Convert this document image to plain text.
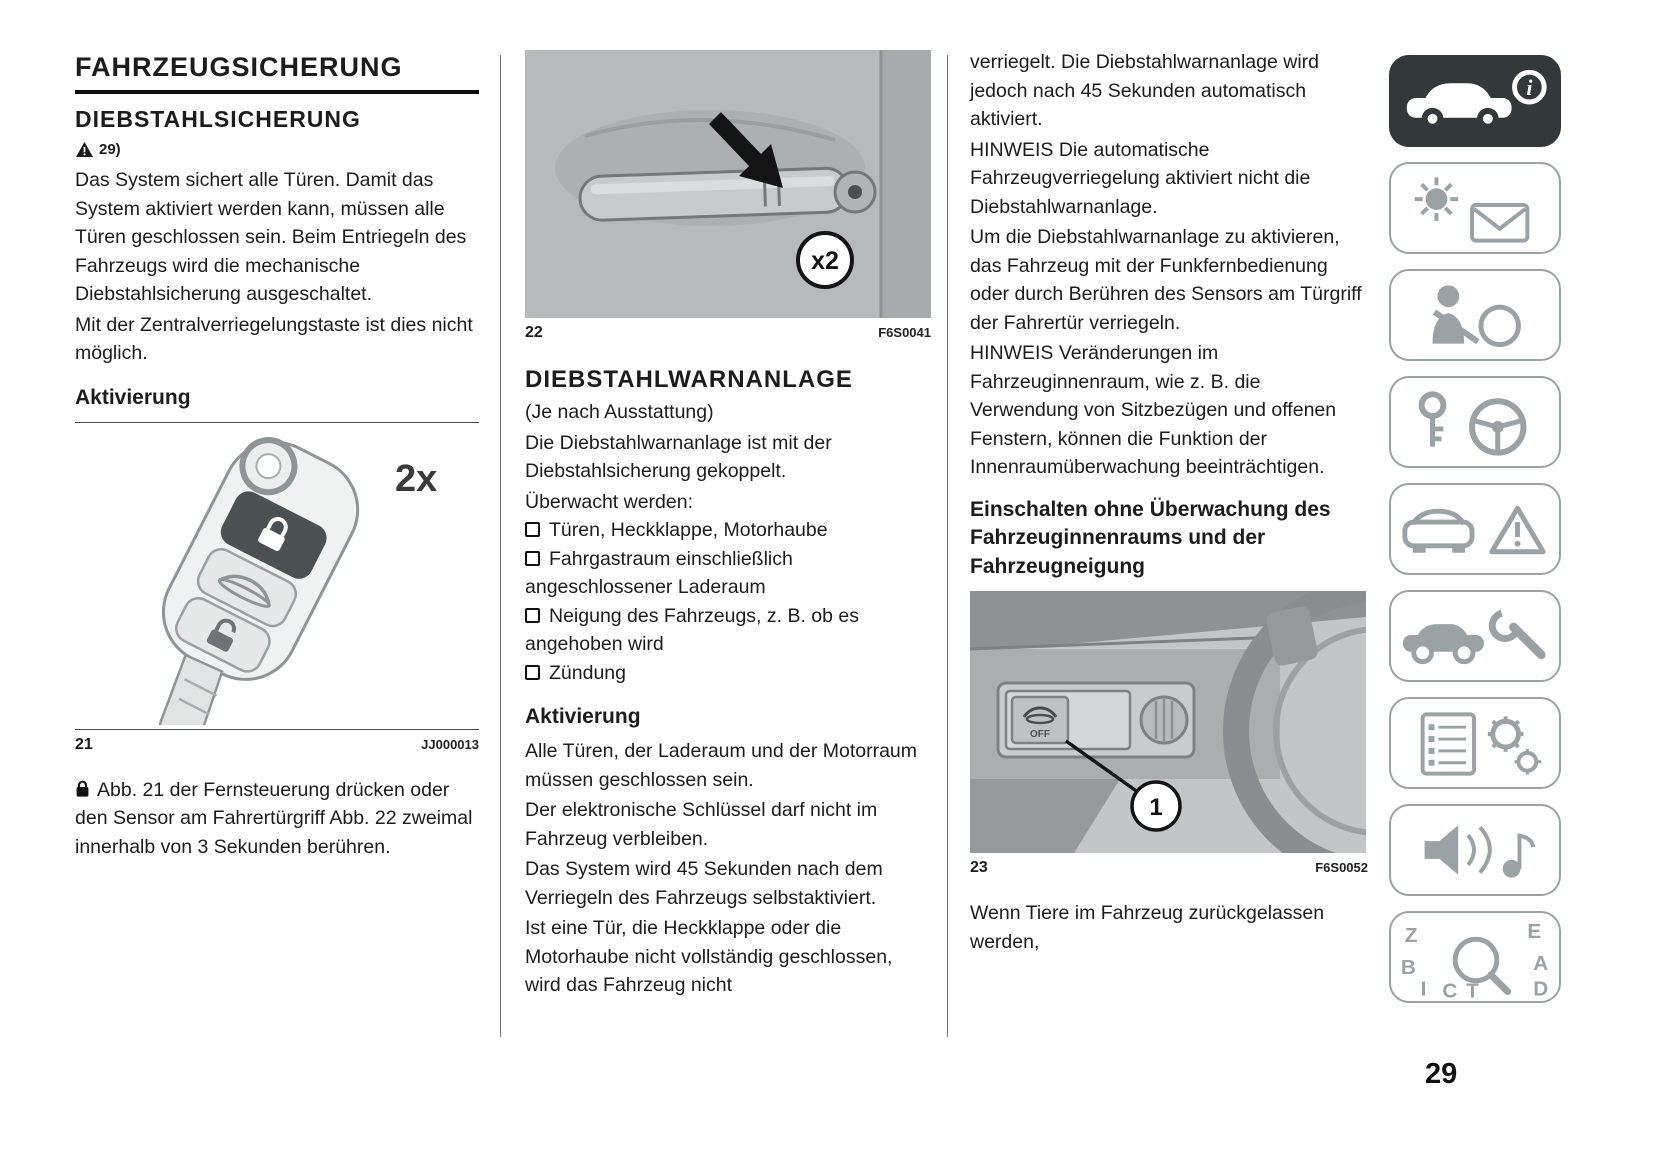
FAHRZEUGSICHERUNG
DIEBSTAHLSICHERUNG
29)

Das System sichert alle Türen. Damit das System aktiviert werden kann, müssen alle Türen geschlossen sein. Beim Entriegeln des Fahrzeugs wird die mechanische Diebstahlsicherung ausgeschaltet.

Mit der Zentralverriegelungstaste ist dies nicht möglich.

Aktivierung
2x
21	JJ000013

Abb. 21 der Fernsteuerung drücken oder den Sensor am Fahrertürgriff Abb. 22 zweimal innerhalb von 3 Sekunden berühren.

x2
22	F6S0041
DIEBSTAHLWARNANLAGE

(Je nach Ausstattung)

Die Diebstahlwarnanlage ist mit der Diebstahlsicherung gekoppelt.

Überwacht werden:

Türen, Heckklappe, Motorhaube

Fahrgastraum einschließlich angeschlossener Laderaum

Neigung des Fahrzeugs, z. B. ob es angehoben wird

Zündung

Aktivierung

Alle Türen, der Laderaum und der Motorraum müssen geschlossen sein.

Der elektronische Schlüssel darf nicht im Fahrzeug verbleiben.

Das System wird 45 Sekunden nach dem Verriegeln des Fahrzeugs selbstaktiviert.

Ist eine Tür, die Heckklappe oder die Motorhaube nicht vollständig geschlossen, wird das Fahrzeug nicht

verriegelt. Die Diebstahlwarnanlage wird jedoch nach 45 Sekunden automatisch aktiviert.

HINWEIS Die automatische Fahrzeugverriegelung aktiviert nicht die Diebstahlwarnanlage.

Um die Diebstahlwarnanlage zu aktivieren, das Fahrzeug mit der Funkfernbedienung oder durch Berühren des Sensors am Türgriff der Fahrertür verriegeln.

HINWEIS Veränderungen im Fahrzeuginnenraum, wie z. B. die Verwendung von Sitzbezügen und offenen Fenstern, können die Funktion der Innenraumüberwachung beeinträchtigen.

Einschalten ohne Überwachung des Fahrzeuginnenraums und der Fahrzeugneigung
OFF
1
23	F6S0052

Wenn Tiere im Fahrzeug zurückgelassen werden,

i
Z	E
B	A
I C T	D
29
